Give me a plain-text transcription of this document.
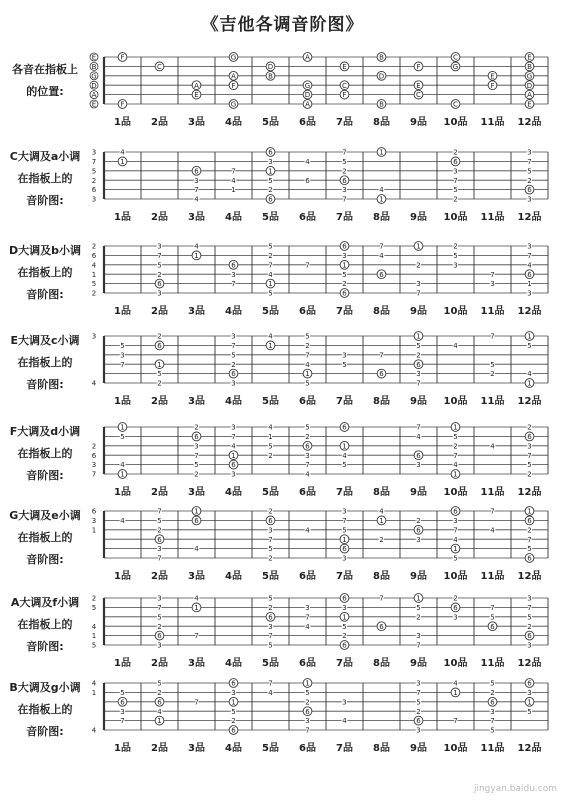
《吉他各调音阶图》
各音在指板上
的位置:
C大调及a小调
在指板上的
音阶图:
D大调及b小调
在指板上的
音阶图:
E大调及c小调
在指板上的
音阶图:
F大调及d小调
在指板上的
音阶图:
G大调及e小调
在指板上的
音阶图:
A大调及f小调
在指板上的
音阶图:
B大调及g小调
在指板上的
音阶图:
E
B
G
D
A
E
F
F
C
A
E
G
G
A
F
D
B
A
A
G
D
E
C
F
B
B
D
F
E
C
C
C
G
E
F
E
B
G
D
A
E
1品 2品 3品 4品 5品 6品 7品 8品 9品 10品 11品 12品
3
7
5
2
6
3
4
1
6
3
7
4
7
4
1
6
3
1
5
2
6
6
4
7
5
2
6
3
7
1
1
4
2
6
3
7
5
2
3
7
5
2
6
3
1品 2品 3品 4品 5品 6品 7品 8品 9品 10品 11品 12品
2
6
4
1
5
2
3
7
5
2
6
3
4
1
6
3
7
5
2
7
4
1
5
7
6
3
1
5
2
6
7
4
6
1
2
3
7
2
5
3
7
3
3
7
4
6
1
3
1品 2品 3品 4品 5品 6品 7品 8品 9品 10品 11品 12品
3
4
5
3
7
2
6
1
5
2
3
7
5
2
6
3
4
1
5
2
7
4
1
5
3
5
7
6
1
5
2
6
3
7
4
7
5
2
1
5
4
1
1品 2品 3品 4品 5品 6品 7品 8品 9品 10品 11品 12品
2
6
3
7
1
5
4
1
2
6
3
7
5
2
3
7
4
1
6
3
4
1
5
2
5
2
6
3
7
4
6
1
4
5
7
4
6
3
1
5
2
7
4
1
4
2
6
3
7
5
2
1品 2品 3品 4品 5品 6品 7品 8品 9品 10品 11品 12品
6
3
1
4
7
5
2
6
3
7
1
6
4
2
6
3
7
5
2
4
3
7
5
1
6
3
4
1
2
2
6
3
6
3
7
4
1
5
7
4
1
6
2
7
5
6
1品 2品 3品 4品 5品 6品 7品 8品 9品 10品 11品 12品
2
5
4
1
5
3
7
5
2
6
3
4
1
7
5
2
6
3
7
5
3
7
4
6
3
1
5
2
6
7
6
1
5
2
3
7
2
6
3
7
5
6
3
7
5
2
6
3
1品 2品 3品 4品 5品 6品 7品 8品 9品 10品 11品 12品
4
1
4
5
6
3
7
5
2
6
4
1
7
6
3
1
5
2
6
7
4
1
5
2
6
3
7
3
4
3
7
5
2
6
3
4
1
7
5
2
6
3
7
5
6
3
1
5
1品 2品 3品 4品 5品 6品 7品 8品 9品 10品 11品 12品
jingyan.baidu.com
